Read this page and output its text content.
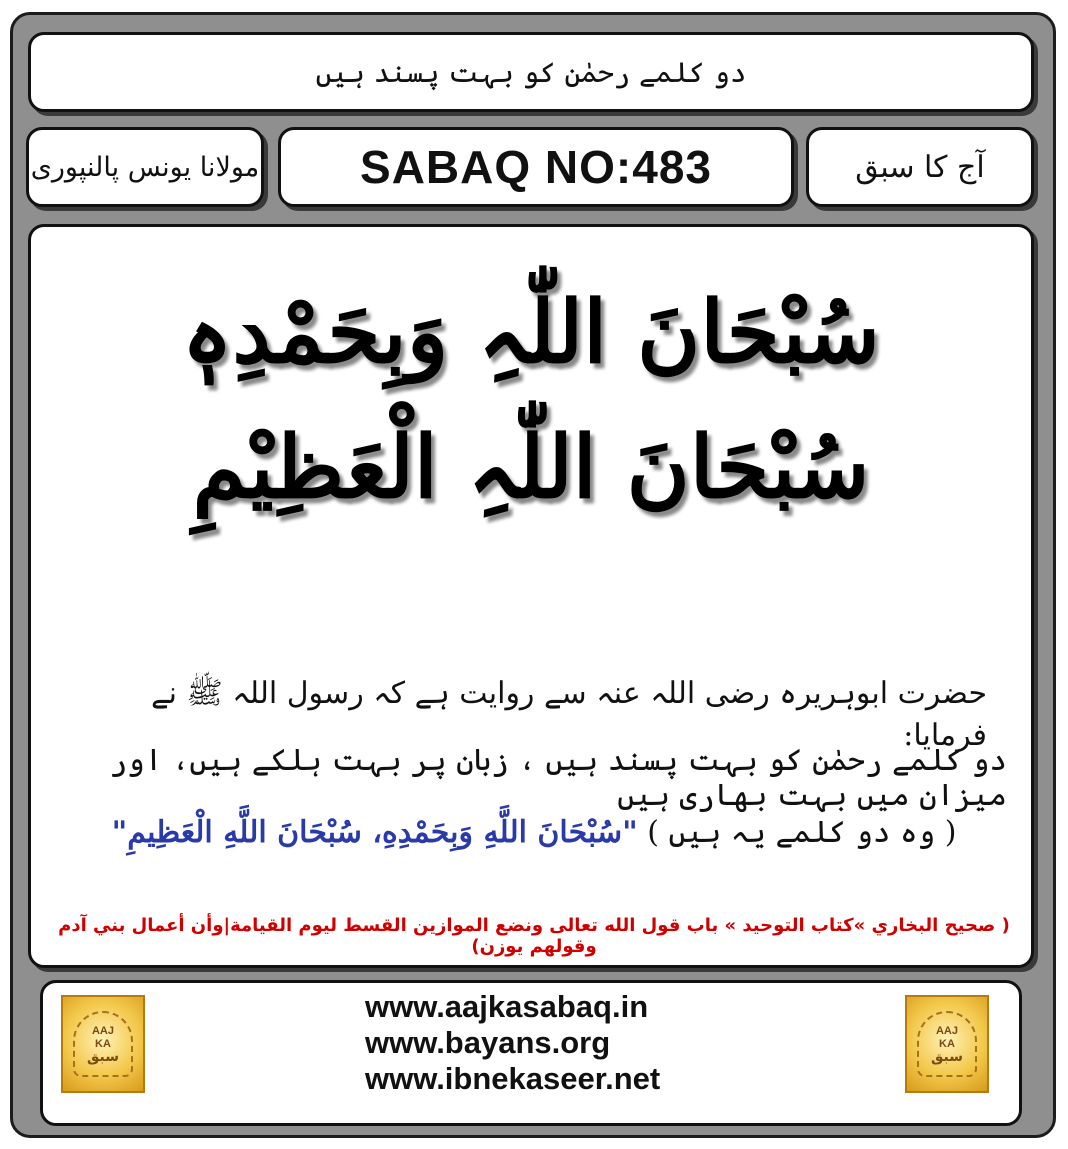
دو کلمے رحمٰن کو بہت پسند ہیں
مولانا یونس پالنپوری SABAQ NO:483	آج کا سبق
سُبْحَانَ اللّٰہِ وَبِحَمْدِہٖ
سُبْحَانَ اللّٰہِ الْعَظِیْمِ
حضرت ابوہریرہ رضی اللہ عنہ سے روایت ہے کہ رسول اللہ ﷺ نے فرمایا:
دو کلمے رحمٰن کو بہت پسند ہیں ، زبان پر بہت ہلکے ہیں، اور میزان میں بہت بھاری ہیں
( وہ دو کلمے یہ ہیں ) "سُبْحَانَ اللَّهِ وَبِحَمْدِهِ، سُبْحَانَ اللَّهِ الْعَظِيمِ"
( صحيح البخاري »كتاب التوحيد » باب قول الله تعالى ونضع الموازين القسط ليوم القيامة|وأن أعمال بني آدم وقولهم يوزن)
AAJ
KA
سبق
www.aajkasabaq.in
www.bayans.org
www.ibnekaseer.net
AAJ
KA
سبق
